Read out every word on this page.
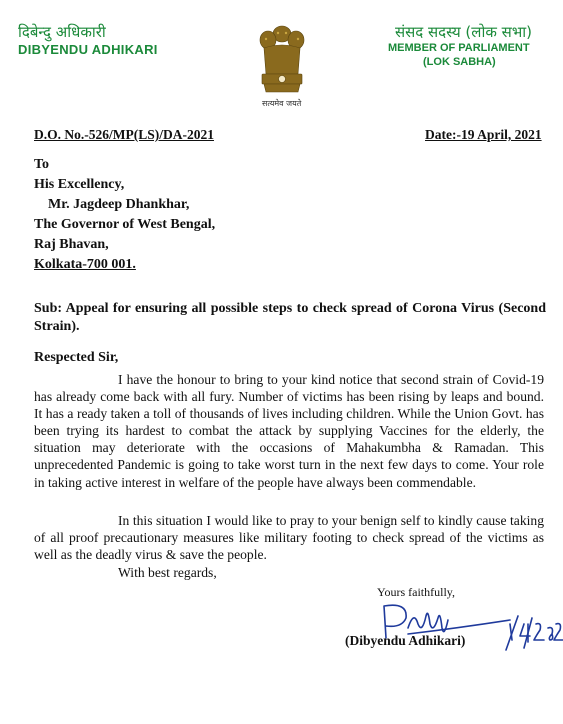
दिबेन्दु अधिकारी
DIBYENDU ADHIKARI
सत्यमेव जयते
संसद सदस्य (लोक सभा)
MEMBER OF PARLIAMENT
(LOK SABHA)
D.O. No.-526/MP(LS)/DA-2021	Date:-19 April, 2021
To
His Excellency,
Mr. Jagdeep Dhankhar,
The Governor of West Bengal,
Raj Bhavan,
Kolkata-700 001.
Sub: Appeal for ensuring all possible steps to check spread of Corona Virus (Second Strain).
Respected Sir,

I have the honour to bring to your kind notice that second strain of Covid-19 has already come back with all fury. Number of victims has been rising by leaps and bound. It has a ready taken a toll of thousands of lives including children. While the Union Govt. has been trying its hardest to combat the attack by supplying Vaccines for the elderly, the situation may deteriorate with the occasions of Mahakumbha & Ramadan. This unprecedented Pandemic is going to take worst turn in the next few days to come. Your role in taking active interest in welfare of the people have always been commendable.

In this situation I would like to pray to your benign self to kindly cause taking of all proof precautionary measures like military footing to check spread of the victims as well as the deadly virus & save the people.

With best regards,
Yours faithfully,
(Dibyendu Adhikari)
